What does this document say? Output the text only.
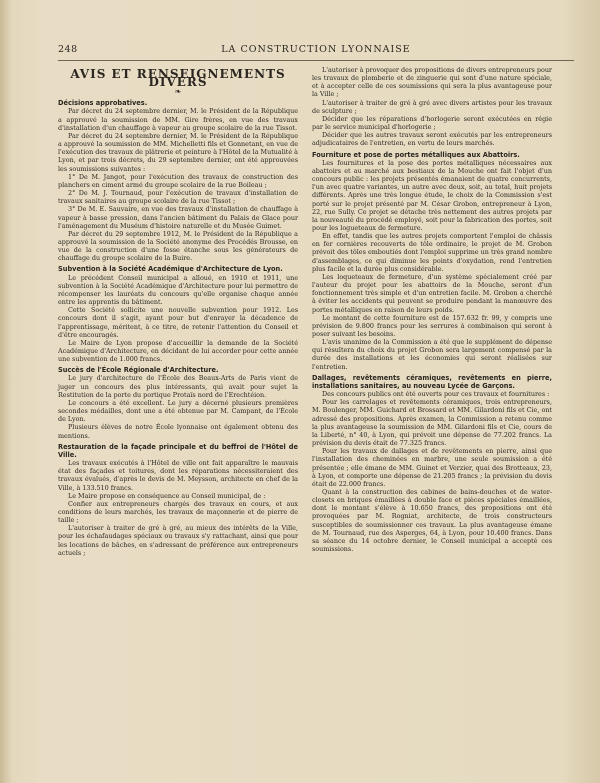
248	LA CONSTRUCTION LYONNAISE
AVIS ET RENSEIGNEMENTS DIVERS
❧

Décisions approbatives.

Par décret du 24 septembre dernier, M. le Président de la République a approuvé la soumission de MM. Gire frères, en vue des travaux d'installation d'un chauffage à vapeur au groupe scolaire de la rue Tissot.

Par décret du 24 septembre dernier, M. le Président de la République a approuvé la soumission de MM. Michelletti fils et Gonnetant, en vue de l'exécution des travaux de plâtrerie et peinture à l'Hôtel de la Mutualité à Lyon, et par trois décrets, du 29 septembre dernier, ont été approuvées les soumissions suivantes :

1° De M. Jangot, pour l'exécution des travaux de construction des planchers en ciment armé du groupe scolaire de la rue Boileau ;

2° De M. J. Tournaud, pour l'exécution de travaux d'installation de travaux sanitaires au groupe scolaire de la rue Tissot ;

3° De M. E. Sauvaire, en vue des travaux d'installation de chauffage à vapeur à basse pression, dans l'ancien bâtiment du Palais de Glace pour l'aménagement du Muséum d'histoire naturelle et du Musée Guimet.

Par décret du 29 septembre 1912, M. le Président de la République a approuvé la soumission de la Société anonyme des Procédés Brousse, en vue de la construction d'une fosse étanche sous les générateurs de chauffage du groupe scolaire de la Buire.

Subvention à la Société Académique d'Architecture de Lyon.

Le précédent Conseil municipal a alloué, en 1910 et 1911, une subvention à la Société Académique d'Architecture pour lui permettre de récompenser les lauréats du concours qu'elle organise chaque année entre les apprentis du bâtiment.

Cette Société sollicite une nouvelle subvention pour 1912. Les concours dont il s'agit, ayant pour but d'enrayer la décadence de l'apprentissage, méritent, à ce titre, de retenir l'attention du Conseil et d'être encouragés.

Le Maire de Lyon propose d'accueillir la demande de la Société Académique d'Architecture, en décidant de lui accorder pour cette année une subvention de 1.000 francs.

Succès de l'École Régionale d'Architecture.

Le jury d'architecture de l'École des Beaux-Arts de Paris vient de juger un concours des plus intéressants, qui avait pour sujet la Restitution de la porte du portique Protaïs nord de l'Erechtéion.

Le concours a été excellent. Le jury a décerné plusieurs premières secondes médailles, dont une a été obtenue par M. Campant, de l'École de Lyon.

Plusieurs élèves de notre École lyonnaise ont également obtenu des mentions.

Restauration de la façade principale et du beffroi de l'Hôtel de Ville.

Les travaux exécutés à l'Hôtel de ville ont fait apparaître le mauvais état des façades et toitures, dont les réparations nécessiteraient des travaux évalués, d'après le devis de M. Meysson, architecte en chef de la Ville, à 133.510 francs.

Le Maire propose en conséquence au Conseil municipal, de :

Confier aux entrepreneurs chargés des travaux en cours, et aux conditions de leurs marchés, les travaux de maçonnerie et de pierre de taille ;

L'autoriser à traiter de gré à gré, au mieux des intérêts de la Ville, pour les échafaudages spéciaux ou travaux s'y rattachant, ainsi que pour les locations de bâches, en s'adressant de préférence aux entrepreneurs actuels ;

L'autoriser à provoquer des propositions de divers entrepreneurs pour les travaux de plomberie et de zinguerie qui sont d'une nature spéciale, et à accepter celle de ces soumissions qui sera la plus avantageuse pour la Ville ;

L'autoriser à traiter de gré à gré avec divers artistes pour les travaux de sculpture ;

Décider que les réparations d'horlogerie seront exécutées en régie par le service municipal d'horlogerie ;

Décider que les autres travaux seront exécutés par les entrepreneurs adjudicataires de l'entretien, en vertu de leurs marchés.

Fourniture et pose de portes métalliques aux Abattoirs.

Les fournitures et la pose des portes métalliques nécessaires aux abattoirs et au marché aux bestiaux de la Mouche ont fait l'objet d'un concours public : les projets présentés émanaient de quatre concurrents, l'un avec quatre variantes, un autre avec deux, soit, au total, huit projets différents. Après une très longue étude, le choix de la Commission s'est porté sur le projet présenté par M. César Grobon, entrepreneur à Lyon, 22, rue Sully. Ce projet se détache très nettement des autres projets par la nouveauté du procédé employé, soit pour la fabrication des portes, soit pour les logueteaux de fermeture.

En effet, tandis que les autres projets comportent l'emploi de châssis en fer cornières recouverts de tôle ordinaire, le projet de M. Grobon prévoit des tôles emboutiés dont l'emploi supprime un très grand nombre d'assemblages, ce qui diminue les points d'oxydation, rend l'entretien plus facile et la durée plus considérable.

Les loqueteaux de fermeture, d'un système spécialement créé par l'auteur du projet pour les abattoirs de la Mouche, seront d'un fonctionnement très simple et d'un entretien facile. M. Grobon a cherché à éviter les accidents qui peuvent se produire pendant la manœuvre des portes métalliques en raison de leurs poids.

Le montant de cette fourniture est de 157.632 fr. 99, y compris une prévision de 9.800 francs pour les serrures à combinaison qui seront à poser suivant les besoins.

L'avis unanime de la Commission a été que le supplément de dépense qui résultera du choix du projet Grobon sera largement compensé par la durée des installations et les économies qui seront réalisées sur l'entretien.

Dallages, revêtements céramiques, revêtements en pierre, installations sanitaires, au nouveau Lycée de Garçons.

Des concours publics ont été ouverts pour ces travaux et fournitures :

Pour les carrelages et revêtements céramiques, trois entrepreneurs, M. Boulenger, MM. Guichard et Brossard et MM. Gilardoni fils et Cie, ont adressé des propositions. Après examen, la Commission a retenu comme la plus avantageuse la soumission de MM. Gilardoni fils et Cie, cours de la Liberté, n° 40, à Lyon, qui prévoit une dépense de 77.202 francs. La prévision du devis était de 77.325 francs.

Pour les travaux de dallages et de revêtements en pierre, ainsi que l'installation des cheminées en marbre, une seule soumission a été présentée ; elle émane de MM. Guinet et Verzier, quai des Brotteaux, 23, à Lyon, et comporte une dépense de 21.205 francs ; la prévision du devis était de 22.000 francs.

Quant à la construction des cabines de bains-douches et de water-closets en briques émaillées à double face et pièces spéciales émaillées, dont le montant s'élève à 10.650 francs, des propositions ont été provoquées par M. Rogniat, architecte, de trois constructeurs susceptibles de soumissionner ces travaux. La plus avantageuse émane de M. Tournaud, rue des Asperges, 64, à Lyon, pour 10.400 francs. Dans sa séance du 14 octobre dernier, le Conseil municipal a accepté ces soumissions.
